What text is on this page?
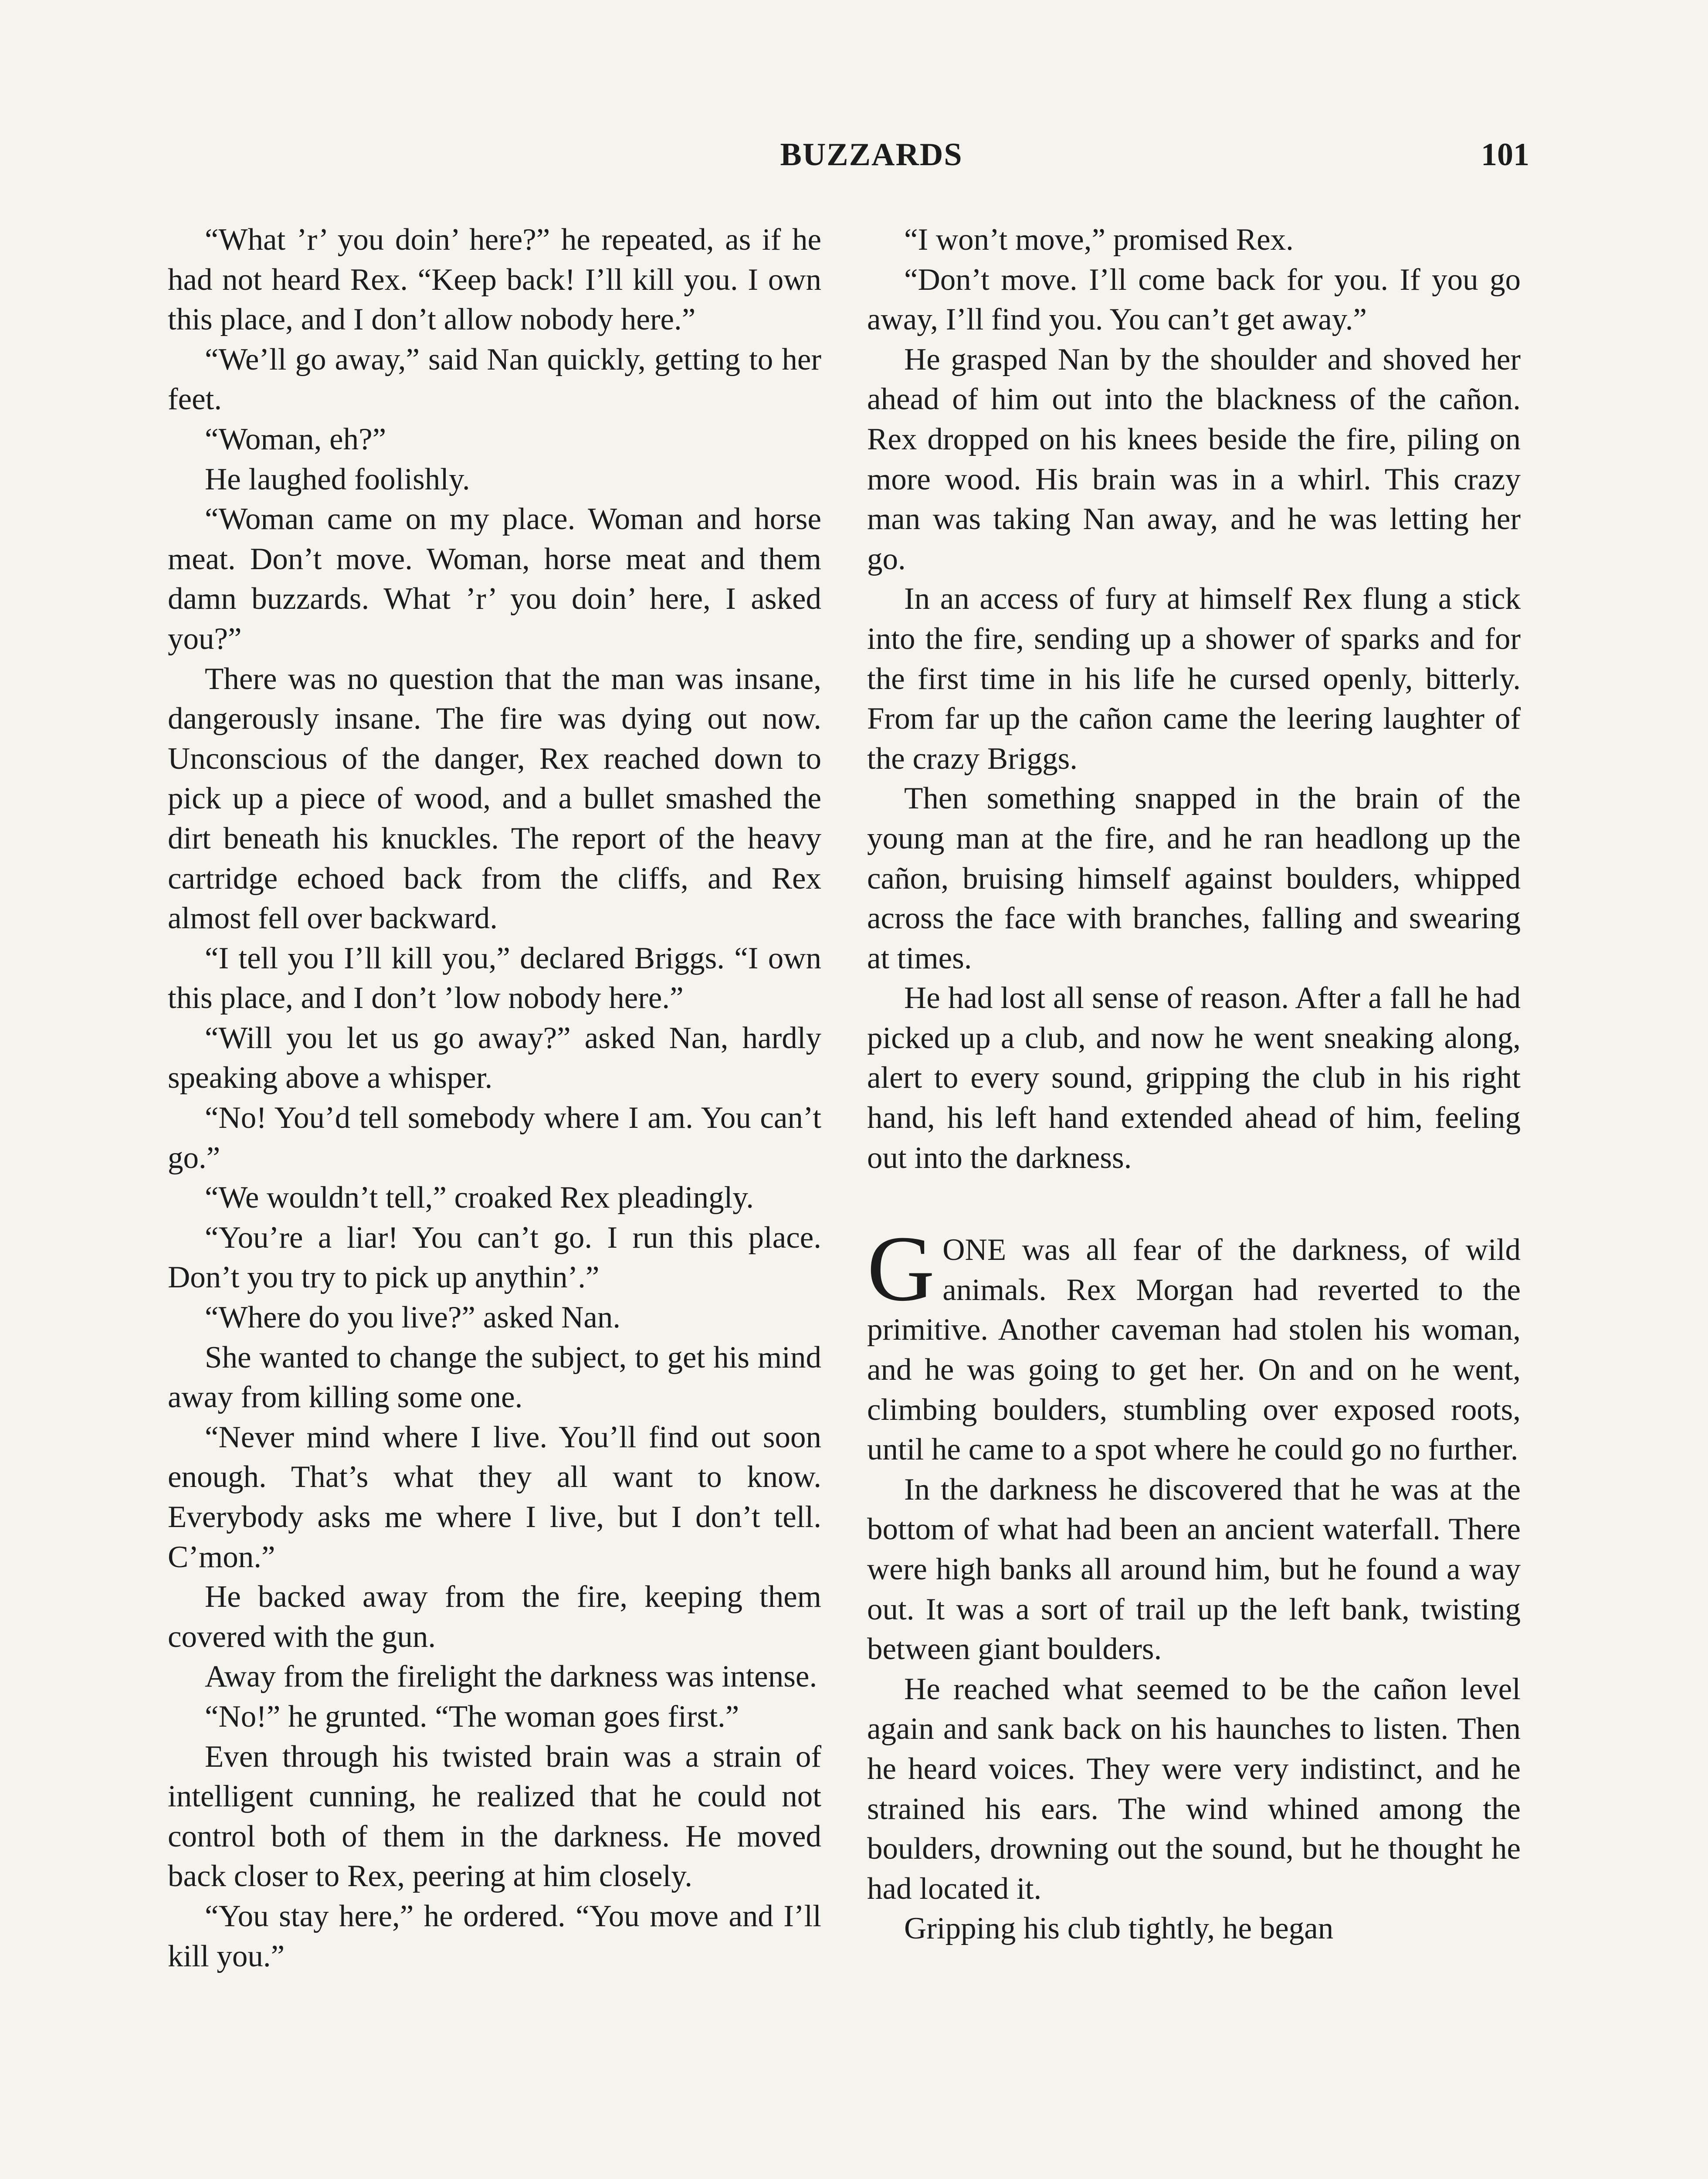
BUZZARDS	101

“What ’r’ you doin’ here?” he repeated, as if he had not heard Rex. “Keep back! I’ll kill you. I own this place, and I don’t allow nobody here.”

“We’ll go away,” said Nan quickly, getting to her feet.

“Woman, eh?”

He laughed foolishly.

“Woman came on my place. Woman and horse meat. Don’t move. Woman, horse meat and them damn buzzards. What ’r’ you doin’ here, I asked you?”

There was no question that the man was insane, dangerously insane. The fire was dying out now. Unconscious of the danger, Rex reached down to pick up a piece of wood, and a bullet smashed the dirt beneath his knuckles. The report of the heavy cartridge echoed back from the cliffs, and Rex almost fell over backward.

“I tell you I’ll kill you,” declared Briggs. “I own this place, and I don’t ’low nobody here.”

“Will you let us go away?” asked Nan, hardly speaking above a whisper.

“No! You’d tell somebody where I am. You can’t go.”

“We wouldn’t tell,” croaked Rex pleadingly.

“You’re a liar! You can’t go. I run this place. Don’t you try to pick up anythin’.”

“Where do you live?” asked Nan.

She wanted to change the subject, to get his mind away from killing some one.

“Never mind where I live. You’ll find out soon enough. That’s what they all want to know. Everybody asks me where I live, but I don’t tell. C’mon.”

He backed away from the fire, keeping them covered with the gun.

Away from the firelight the darkness was intense.

“No!” he grunted. “The woman goes first.”

Even through his twisted brain was a strain of intelligent cunning, he realized that he could not control both of them in the darkness. He moved back closer to Rex, peering at him closely.

“You stay here,” he ordered. “You move and I’ll kill you.”

“I won’t move,” promised Rex.

“Don’t move. I’ll come back for you. If you go away, I’ll find you. You can’t get away.”

He grasped Nan by the shoulder and shoved her ahead of him out into the blackness of the cañon. Rex dropped on his knees beside the fire, piling on more wood. His brain was in a whirl. This crazy man was taking Nan away, and he was letting her go.

In an access of fury at himself Rex flung a stick into the fire, sending up a shower of sparks and for the first time in his life he cursed openly, bitterly. From far up the cañon came the leering laughter of the crazy Briggs.

Then something snapped in the brain of the young man at the fire, and he ran headlong up the cañon, bruising himself against boulders, whipped across the face with branches, falling and swearing at times.

He had lost all sense of reason. After a fall he had picked up a club, and now he went sneaking along, alert to every sound, gripping the club in his right hand, his left hand extended ahead of him, feeling out into the darkness.

GONE was all fear of the darkness, of wild animals. Rex Morgan had reverted to the primitive. Another caveman had stolen his woman, and he was going to get her. On and on he went, climbing boulders, stumbling over exposed roots, until he came to a spot where he could go no further.

In the darkness he discovered that he was at the bottom of what had been an ancient waterfall. There were high banks all around him, but he found a way out. It was a sort of trail up the left bank, twisting between giant boulders.

He reached what seemed to be the cañon level again and sank back on his haunches to listen. Then he heard voices. They were very indistinct, and he strained his ears. The wind whined among the boulders, drowning out the sound, but he thought he had located it.

Gripping his club tightly, he began
